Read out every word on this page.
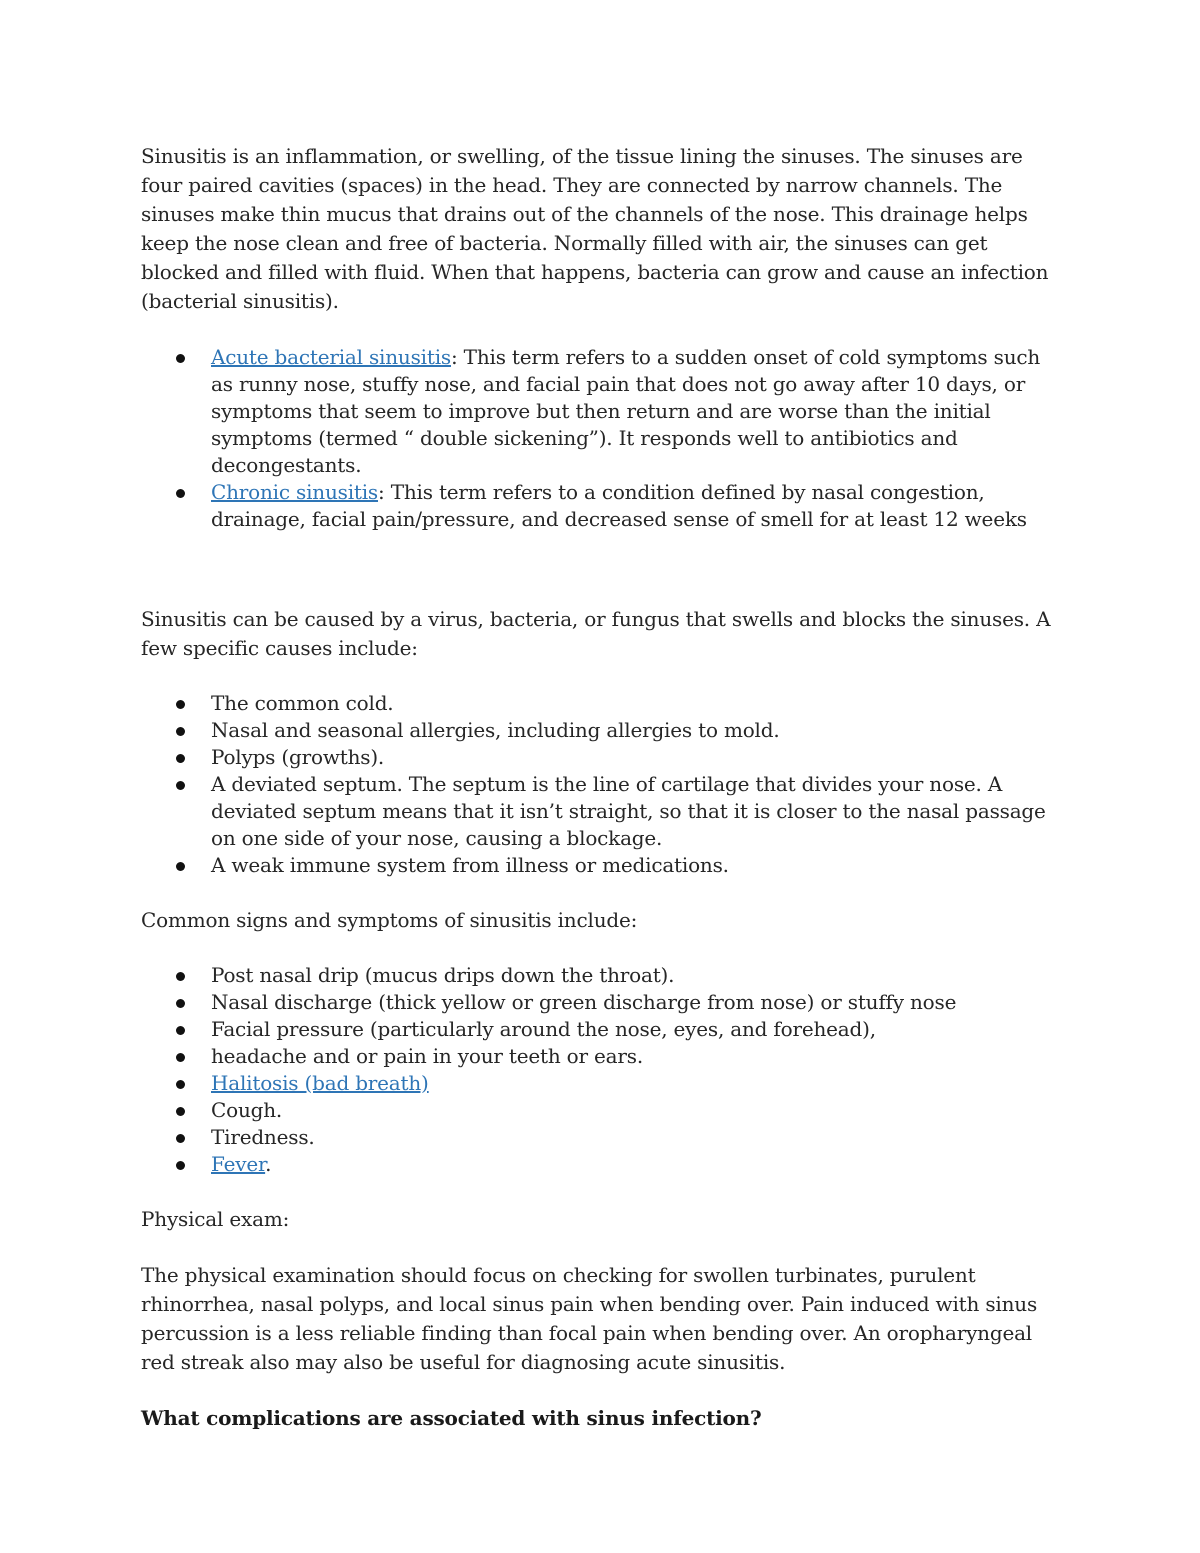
Sinusitis is an inflammation, or swelling, of the tissue lining the sinuses. The sinuses are four paired cavities (spaces) in the head. They are connected by narrow channels. The sinuses make thin mucus that drains out of the channels of the nose. This drainage helps keep the nose clean and free of bacteria. Normally filled with air, the sinuses can get blocked and filled with fluid. When that happens, bacteria can grow and cause an infection (bacterial sinusitis).

Acute bacterial sinusitis: This term refers to a sudden onset of cold symptoms such as runny nose, stuffy nose, and facial pain that does not go away after 10 days, or symptoms that seem to improve but then return and are worse than the initial symptoms (termed “ double sickening”). It responds well to antibiotics and decongestants.
Chronic sinusitis: This term refers to a condition defined by nasal congestion, drainage, facial pain/pressure, and decreased sense of smell for at least 12 weeks

Sinusitis can be caused by a virus, bacteria, or fungus that swells and blocks the sinuses. A few specific causes include:

The common cold.
Nasal and seasonal allergies, including allergies to mold.
Polyps (growths).
A deviated septum. The septum is the line of cartilage that divides your nose. A deviated septum means that it isn’t straight, so that it is closer to the nasal passage on one side of your nose, causing a blockage.
A weak immune system from illness or medications.

Common signs and symptoms of sinusitis include:

Post nasal drip (mucus drips down the throat).
Nasal discharge (thick yellow or green discharge from nose) or stuffy nose
Facial pressure (particularly around the nose, eyes, and forehead),
headache and or pain in your teeth or ears.
Halitosis (bad breath)
Cough.
Tiredness.
Fever.

Physical exam:

The physical examination should focus on checking for swollen turbinates, purulent rhinorrhea, nasal polyps, and local sinus pain when bending over. Pain induced with sinus percussion is a less reliable finding than focal pain when bending over. An oropharyngeal red streak also may also be useful for diagnosing acute sinusitis.

What complications are associated with sinus infection?
